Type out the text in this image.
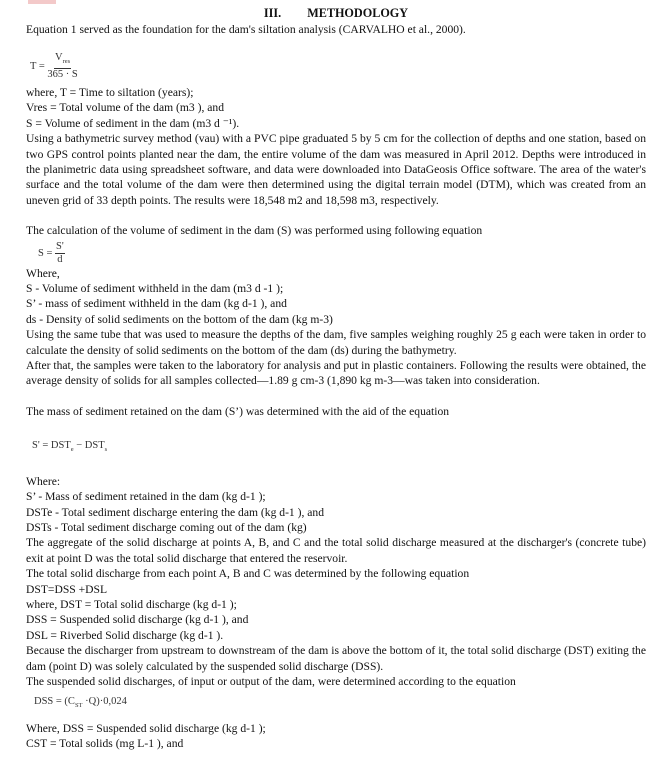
III. METHODOLOGY

Equation 1 served as the foundation for the dam's siltation analysis (CARVALHO et al., 2000).

$T = \frac{V_{res}}{365 \cdot S}$

where, T = Time to siltation (years);

Vres = Total volume of the dam (m3 ), and

S = Volume of sediment in the dam (m3 d ⁻¹).

Using a bathymetric survey method (vau) with a PVC pipe graduated 5 by 5 cm for the collection of depths and one station, based on two GPS control points planted near the dam, the entire volume of the dam was measured in April 2012. Depths were introduced in the planimetric data using spreadsheet software, and data were downloaded into DataGeosis Office software. The area of the water's surface and the total volume of the dam were then determined using the digital terrain model (DTM), which was created from an uneven grid of 33 depth points. The results were 18,548 m2 and 18,598 m3, respectively.

The calculation of the volume of sediment in the dam (S) was performed using following equation

$S = \frac{S'}{d}$

Where,

S - Volume of sediment withheld in the dam (m3 d -1 );

S’ - mass of sediment withheld in the dam (kg d-1 ), and

ds - Density of solid sediments on the bottom of the dam (kg m-3)

Using the same tube that was used to measure the depths of the dam, five samples weighing roughly 25 g each were taken in order to calculate the density of solid sediments on the bottom of the dam (ds) during the bathymetry.

After that, the samples were taken to the laboratory for analysis and put in plastic containers. Following the results were obtained, the average density of solids for all samples collected—1.89 g cm-3 (1,890 kg m-3—was taken into consideration.

The mass of sediment retained on the dam (S’) was determined with the aid of the equation

$S' = DST_e - DST_s$

Where:

S’ - Mass of sediment retained in the dam (kg d-1 );

DSTe - Total sediment discharge entering the dam (kg d-1 ), and

DSTs - Total sediment discharge coming out of the dam (kg)

The aggregate of the solid discharge at points A, B, and C and the total solid discharge measured at the discharger's (concrete tube) exit at point D was the total solid discharge that entered the reservoir.

The total solid discharge from each point A, B and C was determined by the following equation

DST=DSS +DSL

where, DST = Total solid discharge (kg d-1 );

DSS = Suspended solid discharge (kg d-1 ), and

DSL = Riverbed Solid discharge (kg d-1 ).

Because the discharger from upstream to downstream of the dam is above the bottom of it, the total solid discharge (DST) exiting the dam (point D) was solely calculated by the suspended solid discharge (DSS).

The suspended solid discharges, of input or output of the dam, were determined according to the equation

DSS = $(C_{ST} \cdot Q)\cdot 0,024$

Where, DSS = Suspended solid discharge (kg d-1 );

CST = Total solids (mg L-1 ), and
